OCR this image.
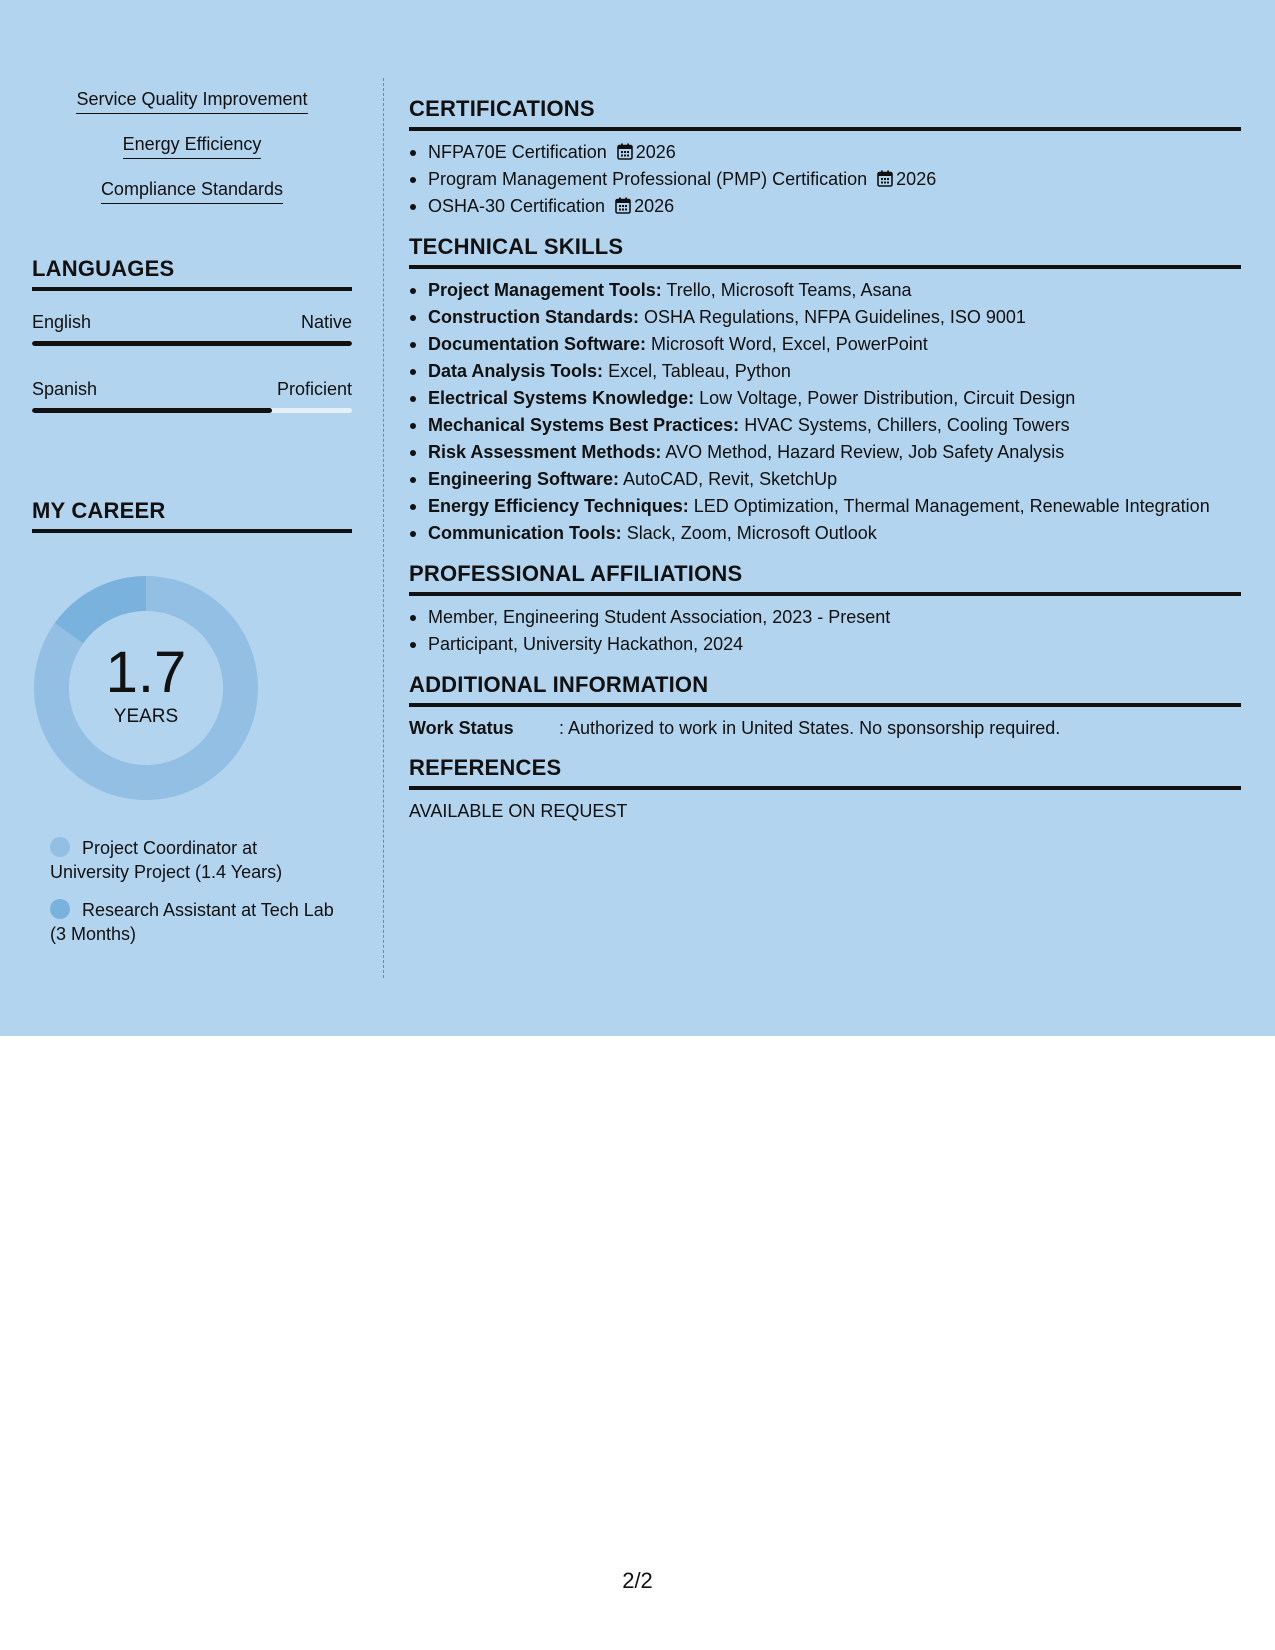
Service Quality Improvement
Energy Efficiency
Compliance Standards
LANGUAGES
English	Native
Spanish	Proficient
MY CAREER
1.7
YEARS
Project Coordinator at University Project (1.4 Years)
Research Assistant at Tech Lab (3 Months)
CERTIFICATIONS
NFPA70E Certification 2026
Program Management Professional (PMP) Certification 2026
OSHA-30 Certification 2026
TECHNICAL SKILLS
Project Management Tools: Trello, Microsoft Teams, Asana
Construction Standards: OSHA Regulations, NFPA Guidelines, ISO 9001
Documentation Software: Microsoft Word, Excel, PowerPoint
Data Analysis Tools: Excel, Tableau, Python
Electrical Systems Knowledge: Low Voltage, Power Distribution, Circuit Design
Mechanical Systems Best Practices: HVAC Systems, Chillers, Cooling Towers
Risk Assessment Methods: AVO Method, Hazard Review, Job Safety Analysis
Engineering Software: AutoCAD, Revit, SketchUp
Energy Efficiency Techniques: LED Optimization, Thermal Management, Renewable Integration
Communication Tools: Slack, Zoom, Microsoft Outlook
PROFESSIONAL AFFILIATIONS
Member, Engineering Student Association, 2023 - Present
Participant, University Hackathon, 2024
ADDITIONAL INFORMATION
Work Status	: Authorized to work in United States. No sponsorship required.
REFERENCES
AVAILABLE ON REQUEST
2/2
